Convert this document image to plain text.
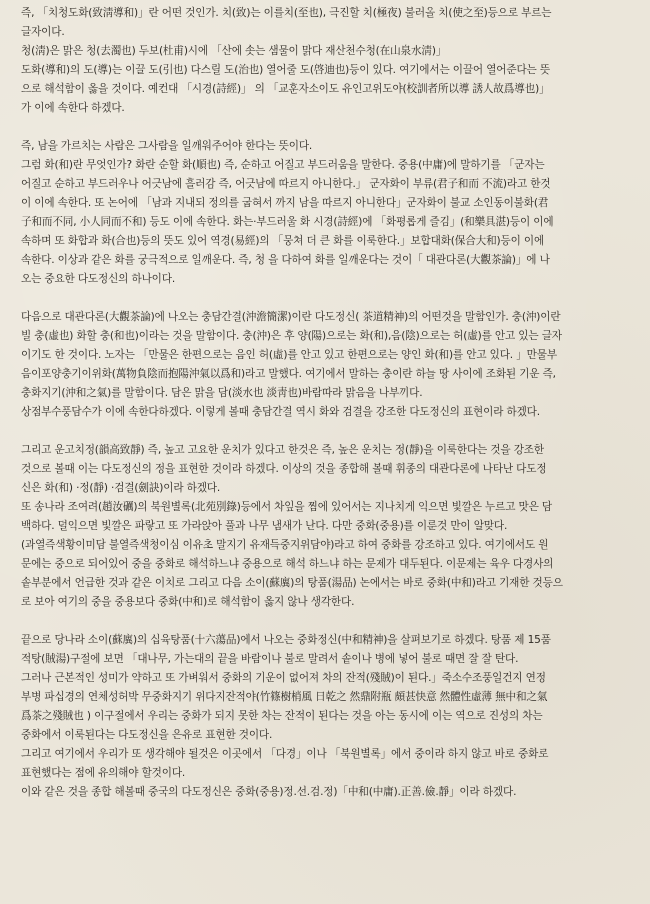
즉, 「치청도화(致淸導和)」란 어떤 것인가. 치(致)는 이를치(至也), 극진할 치(極夜) 불러올 치(使之至)등으로 부르는
글자이다.
청(淸)은 맑은 청(去濁也) 두보(杜甫)시에 「산에 솟는 샘물이 맑다 재산천수청(在山泉水淸)」
도화(導和)의 도(導)는 이끌 도(引也) 다스릴 도(治也) 열어줄 도(啓迪也)등이 있다. 여기에서는 이끌어 열어준다는 뜻
으로 해석함이 옳을 것이다. 예컨대 「시경(詩經)」 의 「교훈자소이도 유인고위도야(校訓者所以導 誘人故爲導也)」
가 이에 속한다 하겠다.
즉, 남을 가르치는 사람은 그사람을 일깨워주어야 한다는 뜻이다.
그럼 화(和)란 무엇인가? 화란 순할 화(順也) 즉, 순하고 어질고 부드러움을 말한다. 중용(中庸)에 말하기를 「군자는
어질고 순하고 부드러우나 어긋남에 흘러감 즉, 어긋남에 따르지 아니한다.」 군자화이 부류(君子和而 不流)라고 한것
이 이에 속한다. 또 논어에 「남과 지내되 정의를 굽혀서 까지 남을 따르지 아니한다」군자화이 불교 소인동이불화(君
子和而不同, 小人同而不和) 등도 이에 속한다. 화는·부드러울 화 시경(詩經)에 「화평롭게 즐김」(和樂具湛)등이 이에
속하며 또 화합과 화(合也)등의 뜻도 있어 역경(易經)의 「뭉쳐 더 큰 화를 이룩한다.」보합대화(保合大和)등이 이에
속한다. 이상과 같은 화를 궁극적으로 일깨운다. 즉, 청 을 다하여 화를 일깨운다는 것이「 대관다론(大觀茶論)」에 나
오는 중요한 다도정신의 하나이다.
다음으로 대관다론(大觀茶論)에 나오는 충담간결(沖澹簡潔)이란 다도정신( 茶道精神)의 어떤것을 말함인가. 충(沖)이란
빌 충(虛也) 화할 충(和也)이라는 것을 말함이다. 충(沖)은 후 양(陽)으로는 화(和),음(陰)으로는 허(虛)를 안고 있는 글자
이기도 한 것이다. 노자는 「만물은 한편으로는 음인 허(虛)를 안고 있고 한편으로는 양인 화(和)를 안고 있다. 」만물부
음이포양충기이위화(萬物負陰而抱陽沖氣以爲和)라고 말했다. 여기에서 말하는 충이란 하늘 땅 사이에 조화된 기운 즉,
충화지기(沖和之氣)를 말함이다. 담은 맑을 담(淡水也 淡靑也)바람따라 맑음을 나부끼다.
상점부수풍담수가 이에 속한다하겠다. 이렇게 볼때 충담간결 역시 화와 검결을 강조한 다도정신의 표현이라 하겠다.
그리고 운고치정(韻高致靜) 즉, 높고 고요한 운치가 있다고 한것은 즉, 높은 운치는 정(靜)을 이룩한다는 것을 강조한
것으로 볼때 이는 다도정신의 정을 표현한 것이라 하겠다. 이상의 것을 종합해 볼때 휘종의 대관다론에 나타난 다도정
신은 화(和) ·정(靜) ·검결(劍訣)이라 하겠다.
또 송나라 조여려(趙汝礪)의 북원별록(北苑別錄)등에서 차잎을 찜에 있어서는 지나치게 익으면 빛깔은 누르고 맛은 담
백하다. 덜익으면 빛깔은 파랗고 또 가라앉아 풀과 나무 냄새가 난다. 다만 중화(중용)를 이룬것 만이 알맞다.
(과열즉색황이미담 불열즉색청이심 이유초 말지기 유재득중지위담야)라고 하여 중화를 강조하고 있다. 여기에서도 원
문에는 중으로 되어있어 중을 중화로 해석하느냐 중용으로 해석 하느냐 하는 문제가 대두된다. 이문제는 육우 다경사의
솥부분에서 언급한 것과 같은 이치로 그리고 다음 소이(蘇廙)의 탕품(湯品) 논에서는 바로 중화(中和)라고 기재한 것등으
로 보아 여기의 중을 중용보다 중화(中和)로 해석함이 옳지 않나 생각한다.
끝으로 당나라 소이(蘇廙)의 십육탕품(十六蕩品)에서 나오는 중화정신(中和精神)을 살펴보기로 하겠다. 탕품 제 15품
적탕(賊湯)구절에 보면 「대나무, 가는대의 끝을 바람이나 불로 말려서 솥이나 병에 넣어 불로 때면 잘 잘 탄다.
그러나 근본적인 성미가 약하고 또 가벼워서 중화의 기운이 없어져 차의 잔적(殘賊)이 된다.」죽소수조풍일건지 연정
부병 파십경의 연체성허박 무중화지기 위다지잔적야(竹篠樹梢風 日乾之 然鼎附瓶 頗甚快意 然體性虛薄 無中和之氣
爲茶之殘賊也 ) 이구절에서 우리는 중화가 되지 못한 차는 잔적이 된다는 것을 아는 동시에 이는 역으로 진성의 차는
중화에서 이룩된다는 다도정신을 은유로 표현한 것이다.
그리고 여기에서 우리가 또 생각해야 될것은 이곳에서 「다경」이나 「북원별록」에서 중이라 하지 않고 바로 중화로
표현했다는 점에 유의해야 할것이다.
이와 같은 것을 종합 해볼때 중국의 다도정신은 중화(중용)정.선.검.정)「中和(中庸).正善.儉.靜」이라 하겠다.
